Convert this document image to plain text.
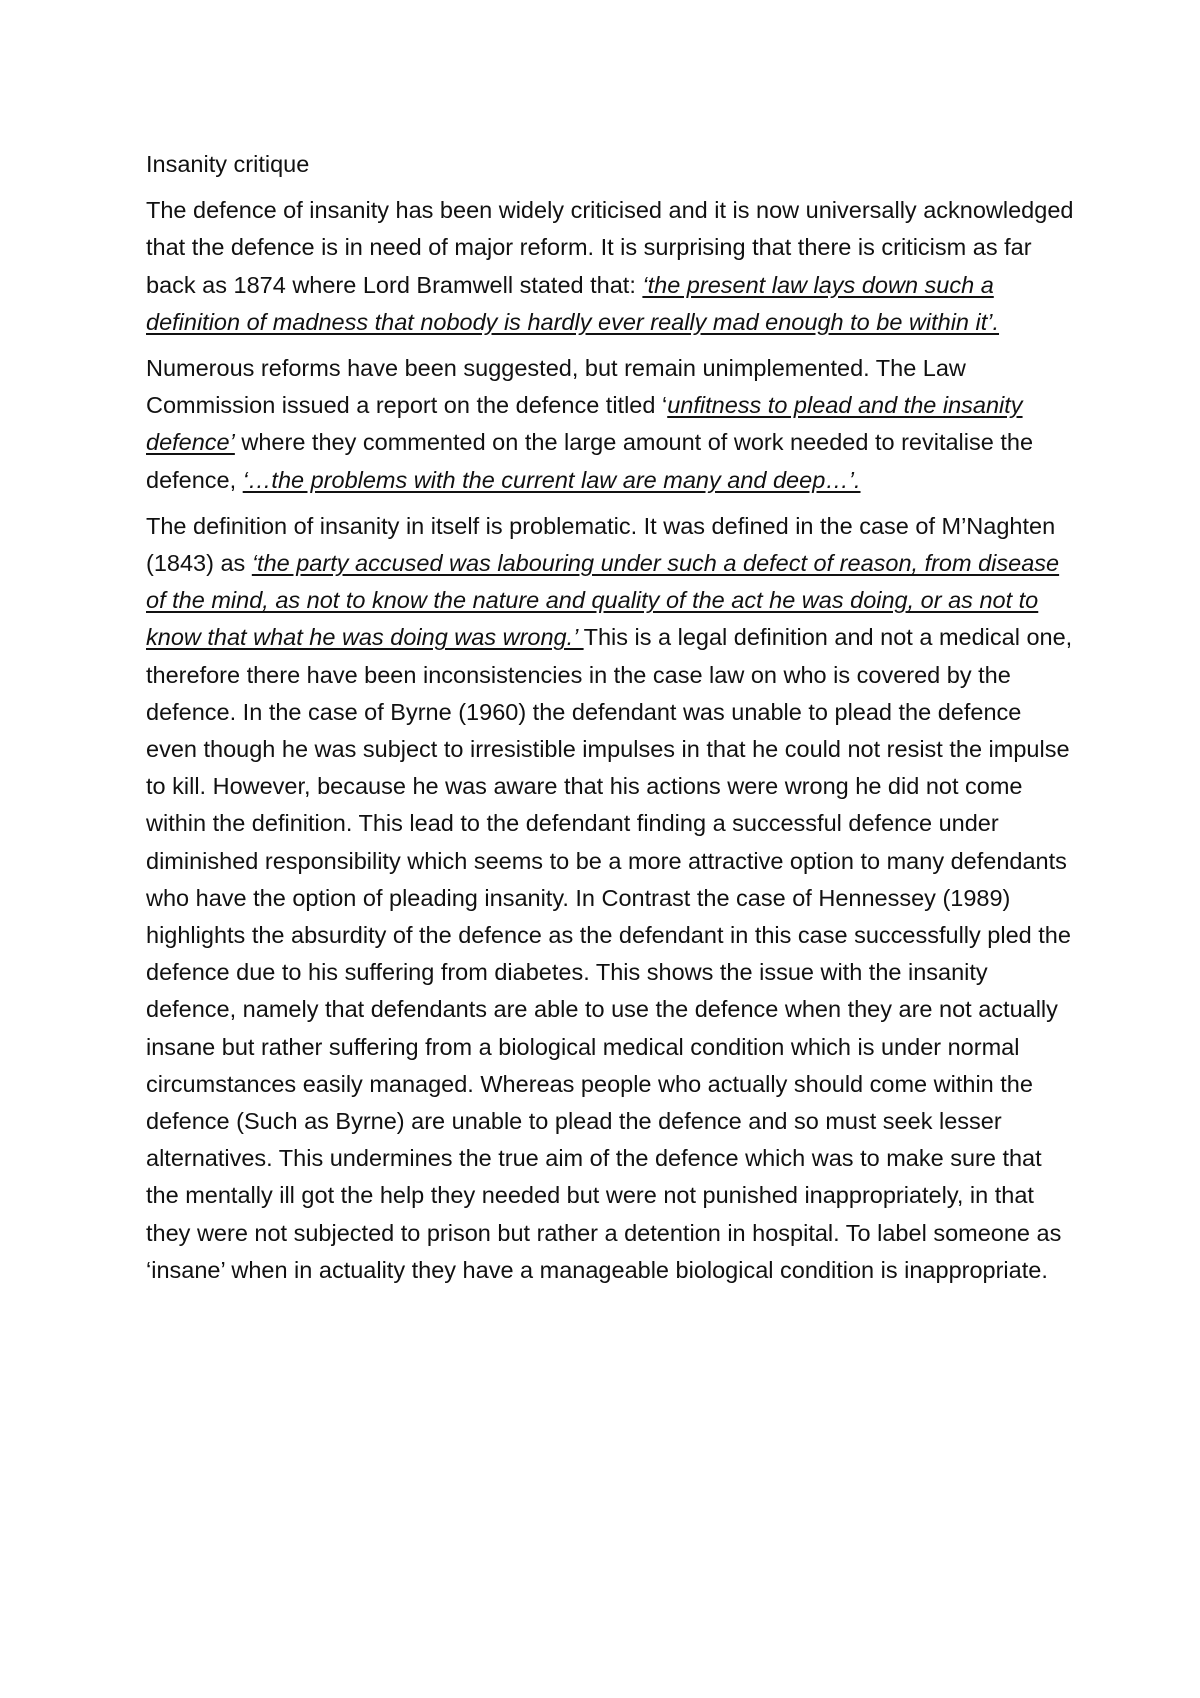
Insanity critique

The defence of insanity has been widely criticised and it is now universally acknowledged that the defence is in need of major reform. It is surprising that there is criticism as far back as 1874 where Lord Bramwell stated that: ‘the present law lays down such a definition of madness that nobody is hardly ever really mad enough to be within it’.

Numerous reforms have been suggested, but remain unimplemented. The Law Commission issued a report on the defence titled ‘unfitness to plead and the insanity defence’ where they commented on the large amount of work needed to revitalise the defence, ‘…the problems with the current law are many and deep…’.

The definition of insanity in itself is problematic. It was defined in the case of M’Naghten (1843) as ‘the party accused was labouring under such a defect of reason, from disease of the mind, as not to know the nature and quality of the act he was doing, or as not to know that what he was doing was wrong.’ This is a legal definition and not a medical one, therefore there have been inconsistencies in the case law on who is covered by the defence. In the case of Byrne (1960) the defendant was unable to plead the defence even though he was subject to irresistible impulses in that he could not resist the impulse to kill. However, because he was aware that his actions were wrong he did not come within the definition. This lead to the defendant finding a successful defence under diminished responsibility which seems to be a more attractive option to many defendants who have the option of pleading insanity. In Contrast the case of Hennessey (1989) highlights the absurdity of the defence as the defendant in this case successfully pled the defence due to his suffering from diabetes. This shows the issue with the insanity defence, namely that defendants are able to use the defence when they are not actually insane but rather suffering from a biological medical condition which is under normal circumstances easily managed. Whereas people who actually should come within the defence (Such as Byrne) are unable to plead the defence and so must seek lesser alternatives. This undermines the true aim of the defence which was to make sure that the mentally ill got the help they needed but were not punished inappropriately, in that they were not subjected to prison but rather a detention in hospital. To label someone as ‘insane’ when in actuality they have a manageable biological condition is inappropriate.
